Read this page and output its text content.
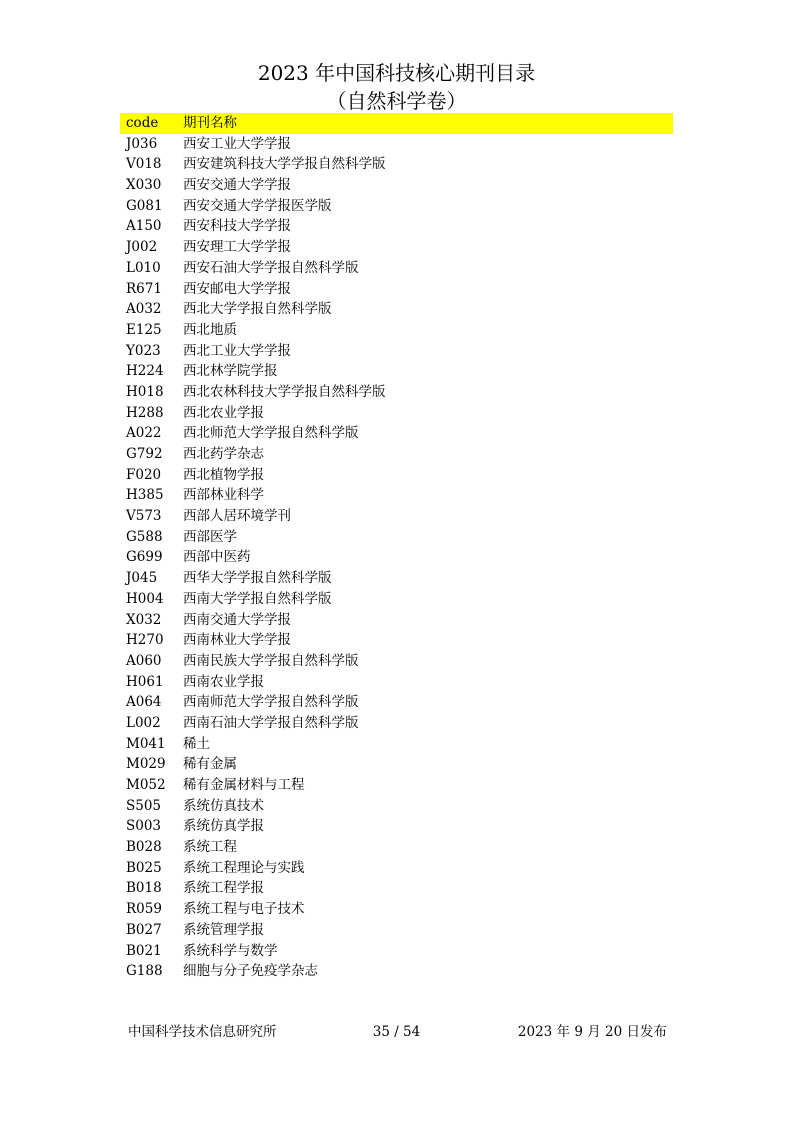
2023 年中国科技核心期刊目录
（自然科学卷）
code	期刊名称
J036	西安工业大学学报
V018	西安建筑科技大学学报自然科学版
X030	西安交通大学学报
G081	西安交通大学学报医学版
A150	西安科技大学学报
J002	西安理工大学学报
L010	西安石油大学学报自然科学版
R671	西安邮电大学学报
A032	西北大学学报自然科学版
E125	西北地质
Y023	西北工业大学学报
H224	西北林学院学报
H018	西北农林科技大学学报自然科学版
H288	西北农业学报
A022	西北师范大学学报自然科学版
G792	西北药学杂志
F020	西北植物学报
H385	西部林业科学
V573	西部人居环境学刊
G588	西部医学
G699	西部中医药
J045	西华大学学报自然科学版
H004	西南大学学报自然科学版
X032	西南交通大学学报
H270	西南林业大学学报
A060	西南民族大学学报自然科学版
H061	西南农业学报
A064	西南师范大学学报自然科学版
L002	西南石油大学学报自然科学版
M041	稀土
M029	稀有金属
M052	稀有金属材料与工程
S505	系统仿真技术
S003	系统仿真学报
B028	系统工程
B025	系统工程理论与实践
B018	系统工程学报
R059	系统工程与电子技术
B027	系统管理学报
B021	系统科学与数学
G188	细胞与分子免疫学杂志
中国科学技术信息研究所	35 / 54	2023 年 9 月 20 日发布
